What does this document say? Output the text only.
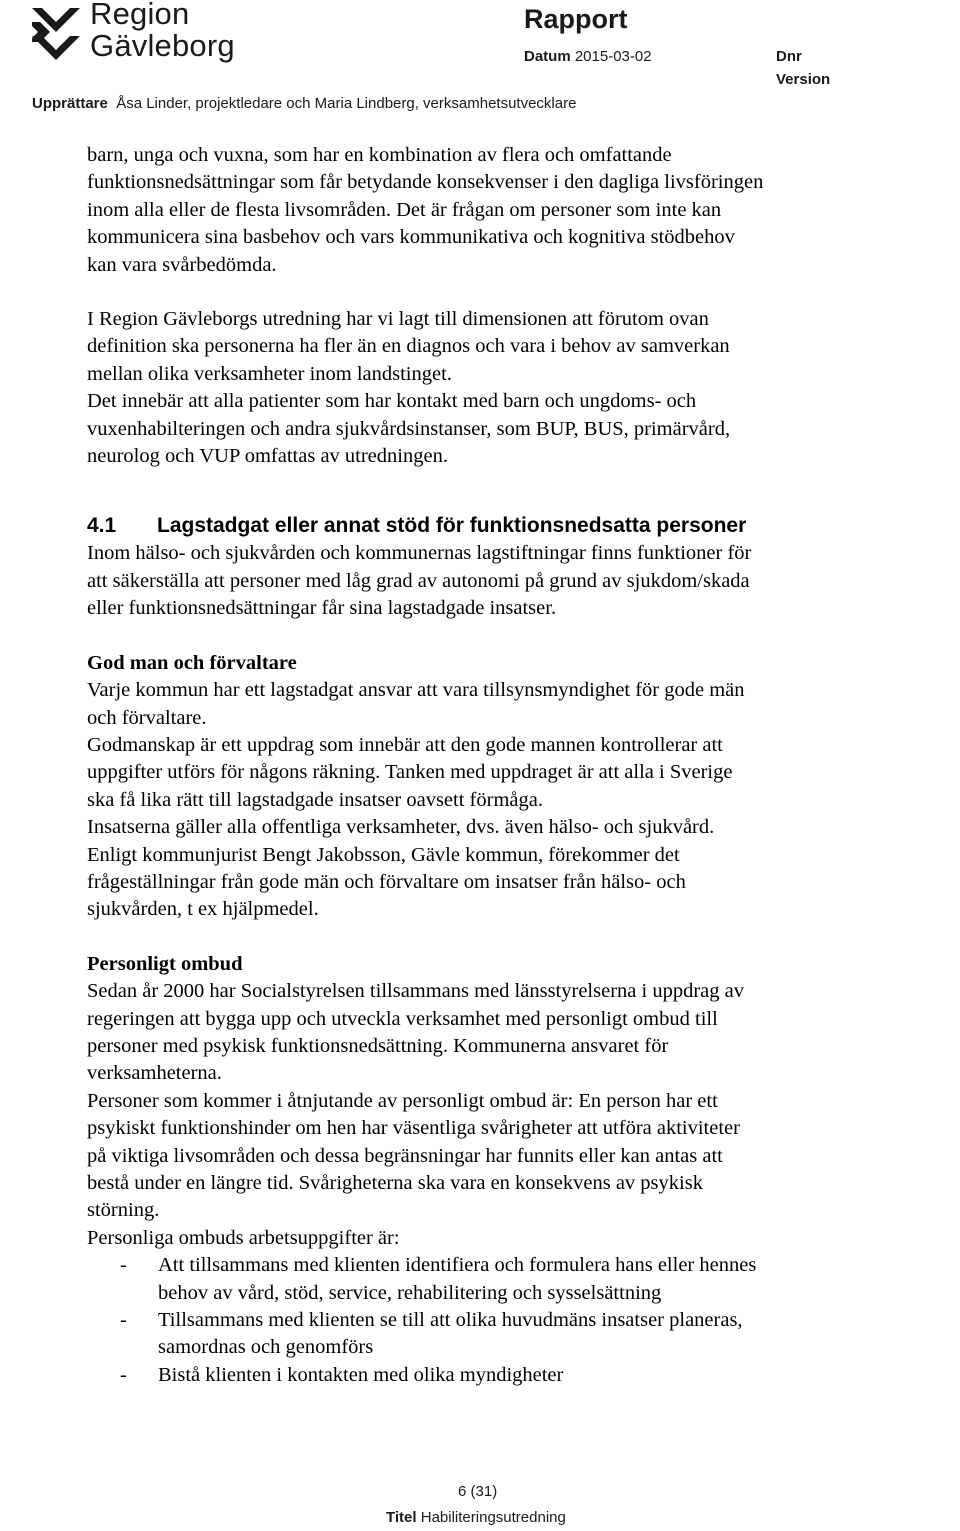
Region
Gävleborg
Rapport
Datum 2015-03-02	Dnr
Version
Upprättare Åsa Linder, projektledare och Maria Lindberg, verksamhetsutvecklare

barn, unga och vuxna, som har en kombination av flera och omfattande

funktionsnedsättningar som får betydande konsekvenser i den dagliga livsföringen

inom alla eller de flesta livsområden. Det är frågan om personer som inte kan

kommunicera sina basbehov och vars kommunikativa och kognitiva stödbehov

kan vara svårbedömda.

I Region Gävleborgs utredning har vi lagt till dimensionen att förutom ovan

definition ska personerna ha fler än en diagnos och vara i behov av samverkan

mellan olika verksamheter inom landstinget.

Det innebär att alla patienter som har kontakt med barn och ungdoms- och

vuxenhabilteringen och andra sjukvårdsinstanser, som BUP, BUS, primärvård,

neurolog och VUP omfattas av utredningen.

4.1 Lagstadgat eller annat stöd för funktionsnedsatta personer

Inom hälso- och sjukvården och kommunernas lagstiftningar finns funktioner för

att säkerställa att personer med låg grad av autonomi på grund av sjukdom/skada

eller funktionsnedsättningar får sina lagstadgade insatser.

God man och förvaltare

Varje kommun har ett lagstadgat ansvar att vara tillsynsmyndighet för gode män

och förvaltare.

Godmanskap är ett uppdrag som innebär att den gode mannen kontrollerar att

uppgifter utförs för någons räkning. Tanken med uppdraget är att alla i Sverige

ska få lika rätt till lagstadgade insatser oavsett förmåga.

Insatserna gäller alla offentliga verksamheter, dvs. även hälso- och sjukvård.

Enligt kommunjurist Bengt Jakobsson, Gävle kommun, förekommer det

frågeställningar från gode män och förvaltare om insatser från hälso- och

sjukvården, t ex hjälpmedel.

Personligt ombud

Sedan år 2000 har Socialstyrelsen tillsammans med länsstyrelserna i uppdrag av

regeringen att bygga upp och utveckla verksamhet med personligt ombud till

personer med psykisk funktionsnedsättning. Kommunerna ansvaret för

verksamheterna.

Personer som kommer i åtnjutande av personligt ombud är: En person har ett

psykiskt funktionshinder om hen har väsentliga svårigheter att utföra aktiviteter

på viktiga livsområden och dessa begränsningar har funnits eller kan antas att

bestå under en längre tid. Svårigheterna ska vara en konsekvens av psykisk

störning.

Personliga ombuds arbetsuppgifter är:

-	Att tillsammans med klienten identifiera och formulera hans eller hennes
behov av vård, stöd, service, rehabilitering och sysselsättning
-	Tillsammans med klienten se till att olika huvudmäns insatser planeras,
samordnas och genomförs
-	Bistå klienten i kontakten med olika myndigheter
6 (31)
Titel Habiliteringsutredning
